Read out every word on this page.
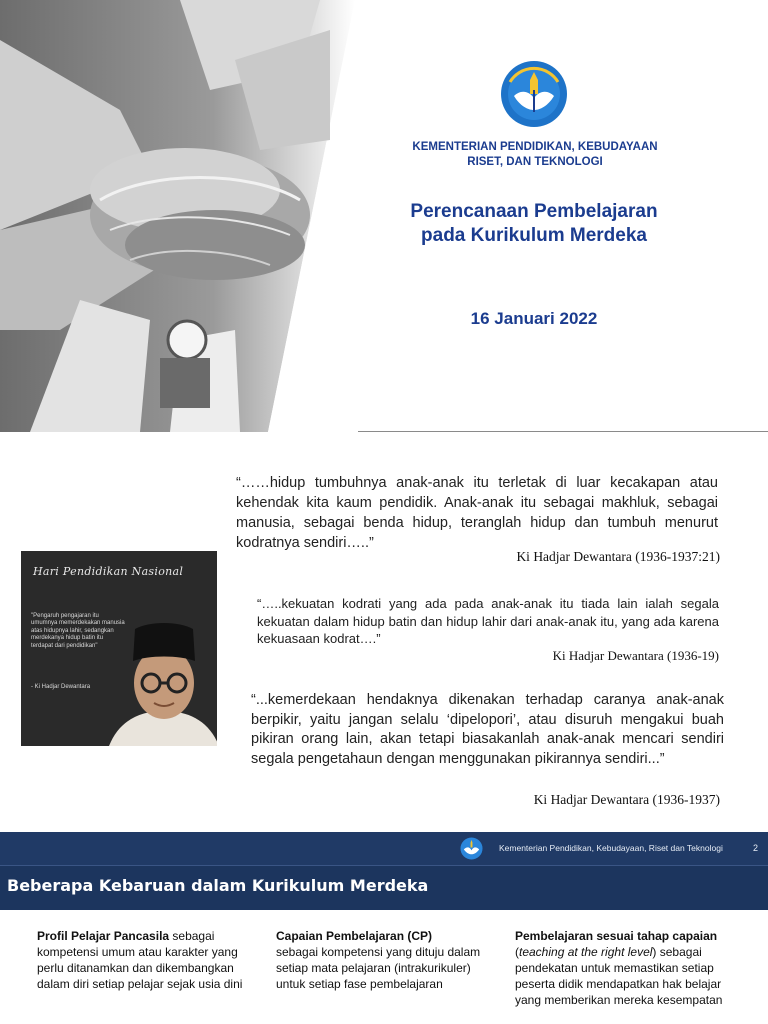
KEMENTERIAN PENDIDIKAN, KEBUDAYAAN
RISET, DAN TEKNOLOGI
Perencanaan Pembelajaran
pada Kurikulum Merdeka
16 Januari 2022
Hari Pendidikan Nasional
"Pengaruh pengajaran itu umumnya memerdekakan manusia atas hidupnya lahir, sedangkan merdekanya hidup batin itu terdapat dari pendidikan"
- Ki Hadjar Dewantara
“……hidup tumbuhnya anak-anak itu terletak di luar kecakapan atau kehendak kita kaum pendidik. Anak-anak itu sebagai makhluk, sebagai manusia, sebagai benda hidup, teranglah hidup dan tumbuh menurut kodratnya sendiri…..”
Ki Hadjar Dewantara (1936-1937:21)
“…..kekuatan kodrati yang ada pada anak-anak itu tiada lain ialah segala kekuatan dalam hidup batin dan hidup lahir dari anak-anak itu, yang ada karena kekuasaan kodrat….”
Ki Hadjar Dewantara (1936-19)
“...kemerdekaan hendaknya dikenakan terhadap caranya anak-anak berpikir, yaitu jangan selalu ‘dipelopori’, atau disuruh mengakui buah pikiran orang lain, akan tetapi biasakanlah anak-anak mencari sendiri segala pengetahaun dengan menggunakan pikirannya sendiri...”
Ki Hadjar Dewantara (1936-1937)
Kementerian Pendidikan, Kebudayaan, Riset dan Teknologi	2
Beberapa Kebaruan dalam Kurikulum Merdeka
Profil Pelajar Pancasila sebagai kompetensi umum atau karakter yang perlu ditanamkan dan dikembangkan dalam diri setiap pelajar sejak usia dini
Capaian Pembelajaran (CP)
sebagai kompetensi yang dituju dalam setiap mata pelajaran (intrakurikuler) untuk setiap fase pembelajaran
Pembelajaran sesuai tahap capaian (teaching at the right level) sebagai pendekatan untuk memastikan setiap peserta didik mendapatkan hak belajar yang memberikan mereka kesempatan
